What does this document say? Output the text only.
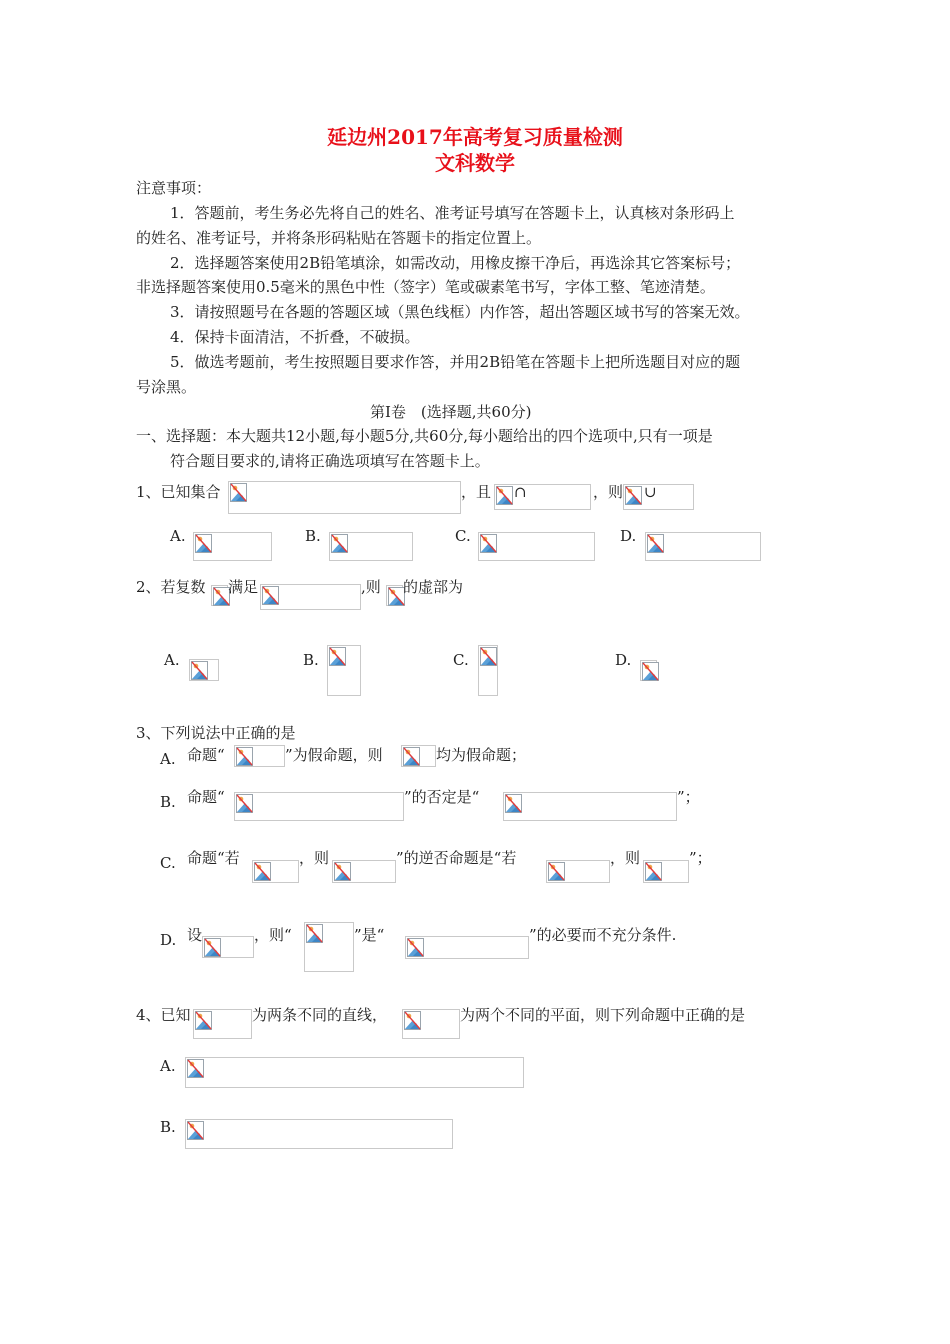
延边州2017年高考复习质量检测
文科数学
注意事项：
1．答题前，考生务必先将自己的姓名、准考证号填写在答题卡上，认真核对条形码上
的姓名、准考证号，并将条形码粘贴在答题卡的指定位置上。
2．选择题答案使用2B铅笔填涂，如需改动，用橡皮擦干净后，再选涂其它答案标号；
非选择题答案使用0.5毫米的黑色中性（签字）笔或碳素笔书写，字体工整、笔迹清楚。
3．请按照题号在各题的答题区域（黑色线框）内作答，超出答题区域书写的答案无效。
4．保持卡面清洁，不折叠，不破损。
5．做选考题前，考生按照题目要求作答，并用2B铅笔在答题卡上把所选题目对应的题
号涂黑。
第Ⅰ卷　(选择题,共60分)
一、选择题：本大题共12小题,每小题5分,共60分,每小题给出的四个选项中,只有一项是
符合题目要求的,请将正确选项填写在答题卡上。
1、已知集合	，且 ∩	，则 ∪
A.	B.	C.	D.
2、若复数 满足	,则 的虚部为
A.	B.	C.	D.
3、下列说法中正确的是
A. 命题“	”为假命题，则	均为假命题；
B. 命题“	”的否定是“	”；
C. 命题“若	，则	”的逆否命题是“若	，则	”；
D. 设	，则“	”是“	”的必要而不充分条件.
4、已知	为两条不同的直线，	为两个不同的平面，则下列命题中正确的是
A.
B.
